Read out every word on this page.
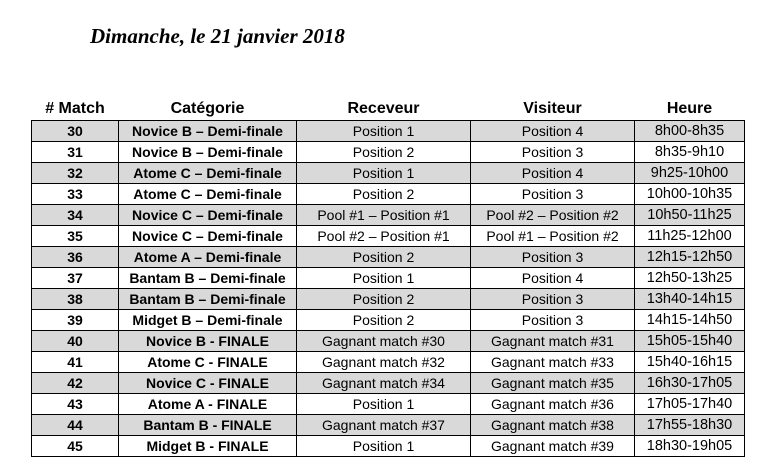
Dimanche, le 21 janvier 2018
# Match	Catégorie	Receveur	Visiteur	Heure
30	Novice B – Demi-finale	Position 1	Position 4	8h00-8h35
31	Novice B – Demi-finale	Position 2	Position 3	8h35-9h10
32	Atome C – Demi-finale	Position 1	Position 4	9h25-10h00
33	Atome C – Demi-finale	Position 2	Position 3	10h00-10h35
34	Novice C – Demi-finale	Pool #1 – Position #1	Pool #2 – Position #2	10h50-11h25
35	Novice C – Demi-finale	Pool #2 – Position #1	Pool #1 – Position #2	11h25-12h00
36	Atome A – Demi-finale	Position 2	Position 3	12h15-12h50
37	Bantam B – Demi-finale	Position 1	Position 4	12h50-13h25
38	Bantam B – Demi-finale	Position 2	Position 3	13h40-14h15
39	Midget B – Demi-finale	Position 2	Position 3	14h15-14h50
40	Novice B - FINALE	Gagnant match #30	Gagnant match #31	15h05-15h40
41	Atome C - FINALE	Gagnant match #32	Gagnant match #33	15h40-16h15
42	Novice C - FINALE	Gagnant match #34	Gagnant match #35	16h30-17h05
43	Atome A - FINALE	Position 1	Gagnant match #36	17h05-17h40
44	Bantam B - FINALE	Gagnant match #37	Gagnant match #38	17h55-18h30
45	Midget B - FINALE	Position 1	Gagnant match #39	18h30-19h05
